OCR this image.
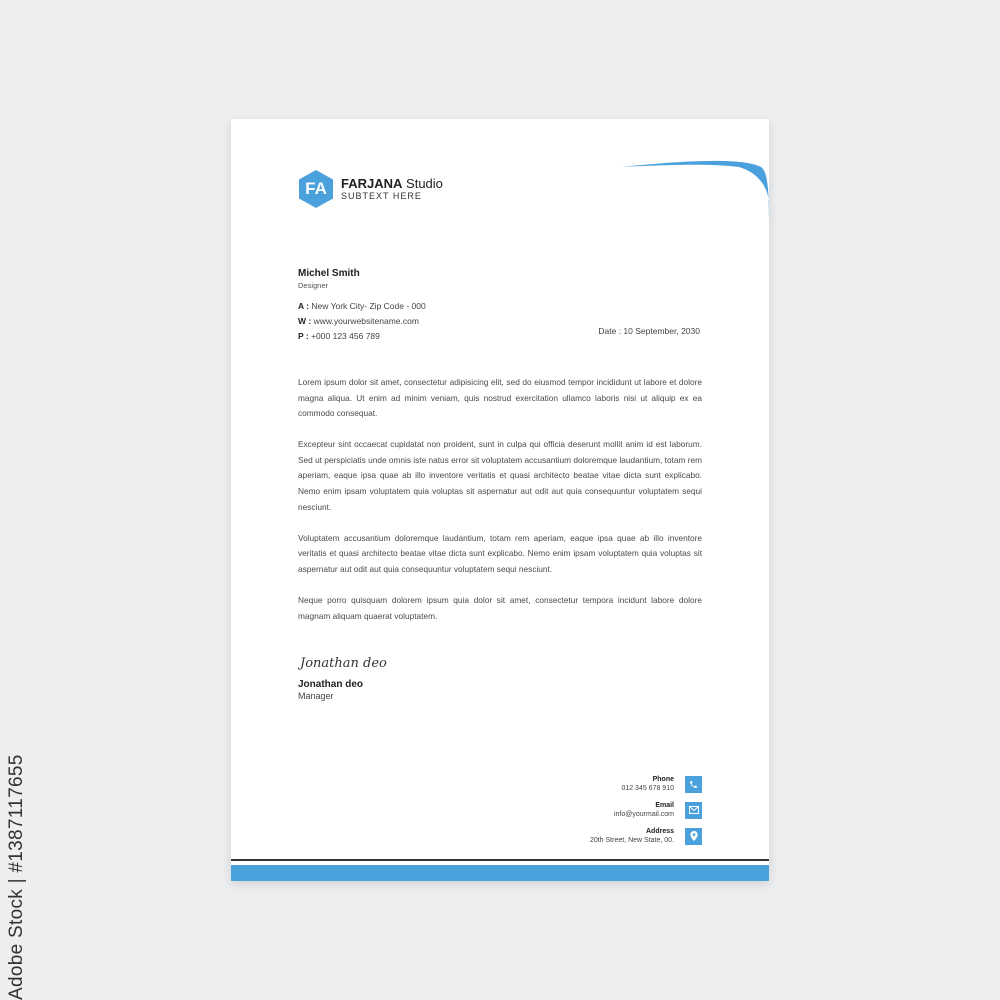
FA	FARJANA Studio
SUBTEXT HERE
Michel Smith
Designer
A : New York City- Zip Code - 000
W : www.yourwebsitename.com
P : +000 123 456 789	Date : 10 September, 2030

Lorem ipsum dolor sit amet, consectetur adipisicing elit, sed do eiusmod tempor incididunt ut labore et dolore magna aliqua. Ut enim ad minim veniam, quis nostrud exercitation ullamco laboris nisi ut aliquip ex ea commodo consequat.

Excepteur sint occaecat cupidatat non proident, sunt in culpa qui officia deserunt mollit anim id est laborum. Sed ut perspiciatis unde omnis iste natus error sit voluptatem accusantium doloremque laudantium, totam rem aperiam, eaque ipsa quae ab illo inventore veritatis et quasi architecto beatae vitae dicta sunt explicabo. Nemo enim ipsam voluptatem quia voluptas sit aspernatur aut odit aut quia consequuntur voluptatem sequi nesciunt.

Voluptatem accusantium doloremque laudantium, totam rem aperiam, eaque ipsa quae ab illo inventore veritatis et quasi architecto beatae vitae dicta sunt explicabo. Nemo enim ipsam voluptatem quia voluptas sit aspernatur aut odit aut quia consequuntur voluptatem sequi nesciunt.

Neque porro quisquam dolorem ipsum quia dolor sit amet, consectetur tempora incidunt labore dolore magnam aliquam quaerat voluptatem.

Jonathan deo
Jonathan deo
Manager
Phone
012 345 678 910
Email
info@yourmail.com
Address
20th Street, New State, 00.
Adobe Stock | #1387117655
